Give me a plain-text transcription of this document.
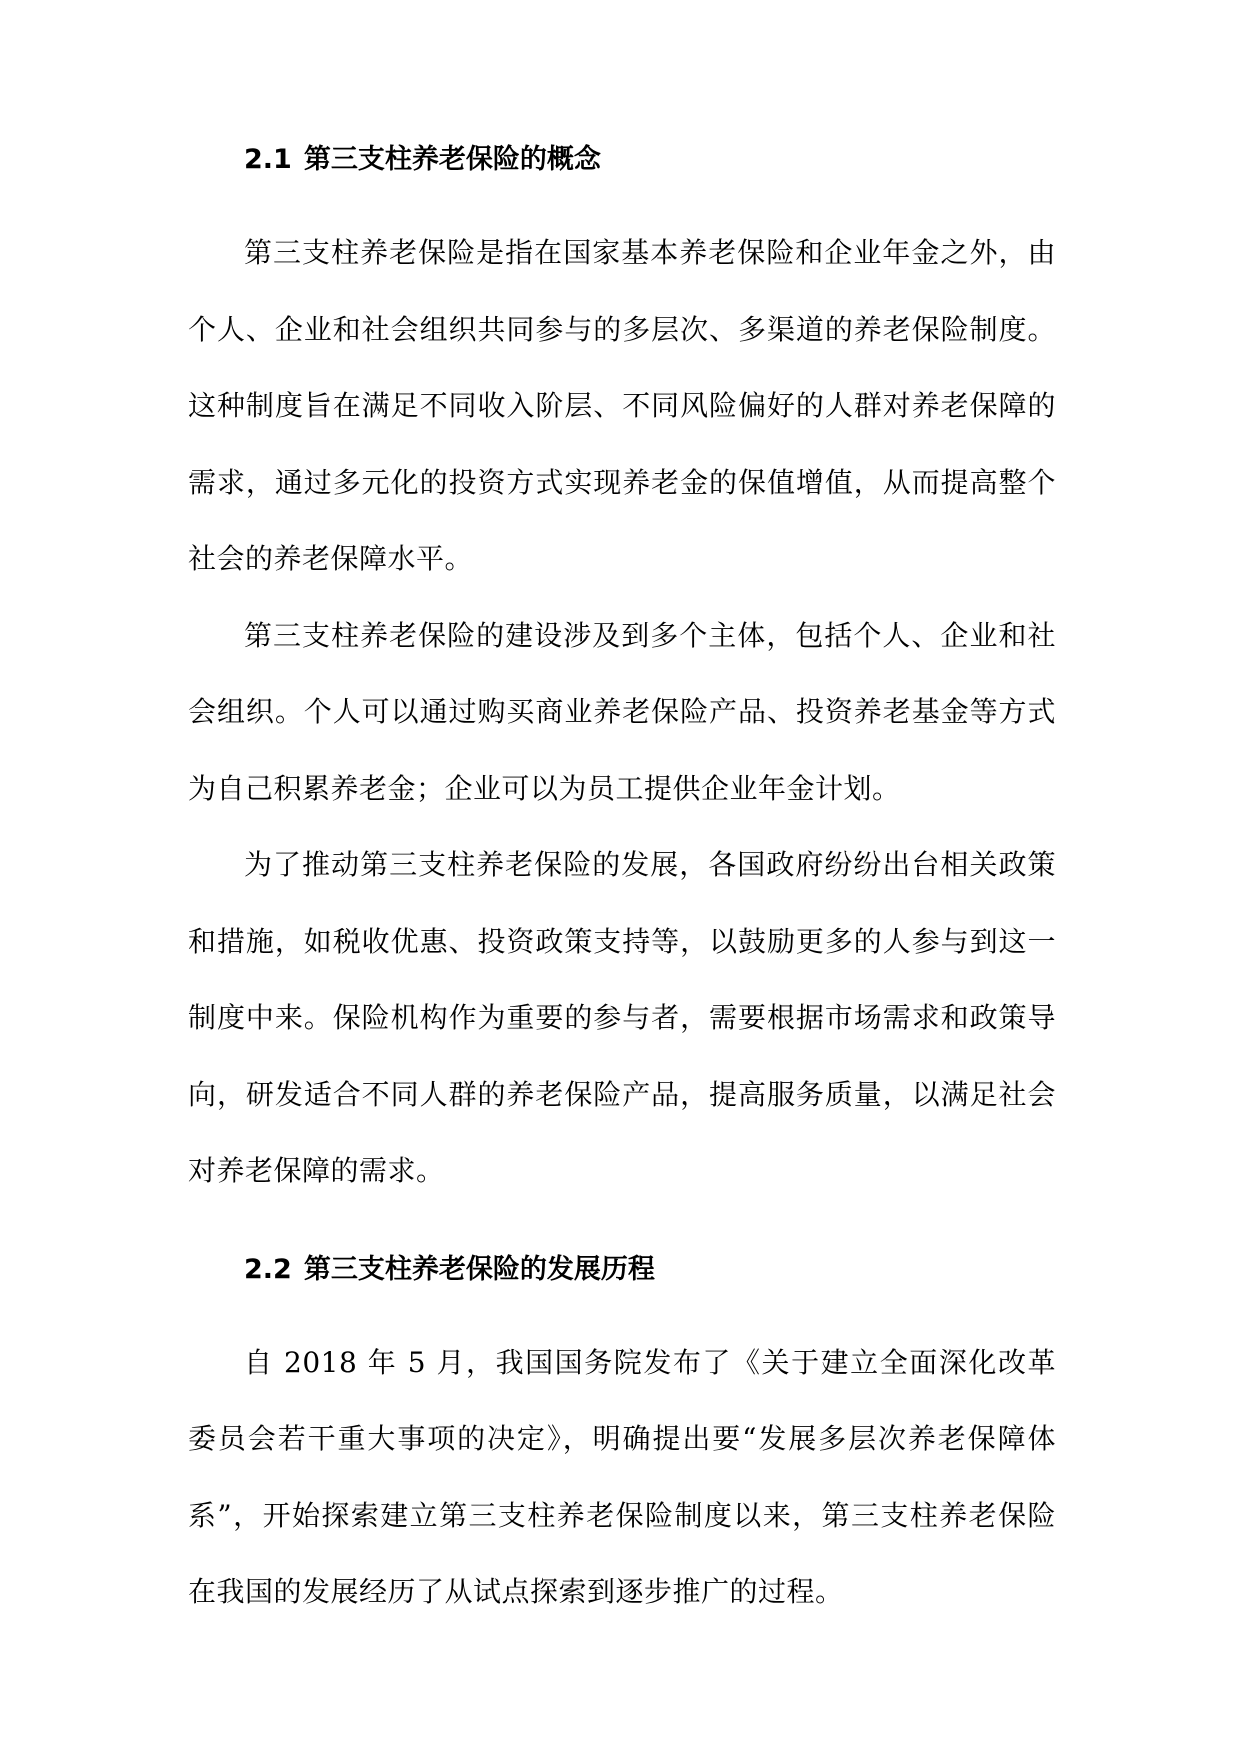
2.1 第三支柱养老保险的概念

第三支柱养老保险是指在国家基本养老保险和企业年金之外，由个人、企业和社会组织共同参与的多层次、多渠道的养老保险制度。这种制度旨在满足不同收入阶层、不同风险偏好的人群对养老保障的需求，通过多元化的投资方式实现养老金的保值增值，从而提高整个社会的养老保障水平。

第三支柱养老保险的建设涉及到多个主体，包括个人、企业和社会组织。个人可以通过购买商业养老保险产品、投资养老基金等方式为自己积累养老金；企业可以为员工提供企业年金计划。

为了推动第三支柱养老保险的发展，各国政府纷纷出台相关政策和措施，如税收优惠、投资政策支持等，以鼓励更多的人参与到这一制度中来。保险机构作为重要的参与者，需要根据市场需求和政策导向，研发适合不同人群的养老保险产品，提高服务质量，以满足社会对养老保障的需求。

2.2 第三支柱养老保险的发展历程

自 2018 年 5 月，我国国务院发布了《关于建立全面深化改革委员会若干重大事项的决定》，明确提出要“发展多层次养老保障体系”，开始探索建立第三支柱养老保险制度以来，第三支柱养老保险在我国的发展经历了从试点探索到逐步推广的过程。
